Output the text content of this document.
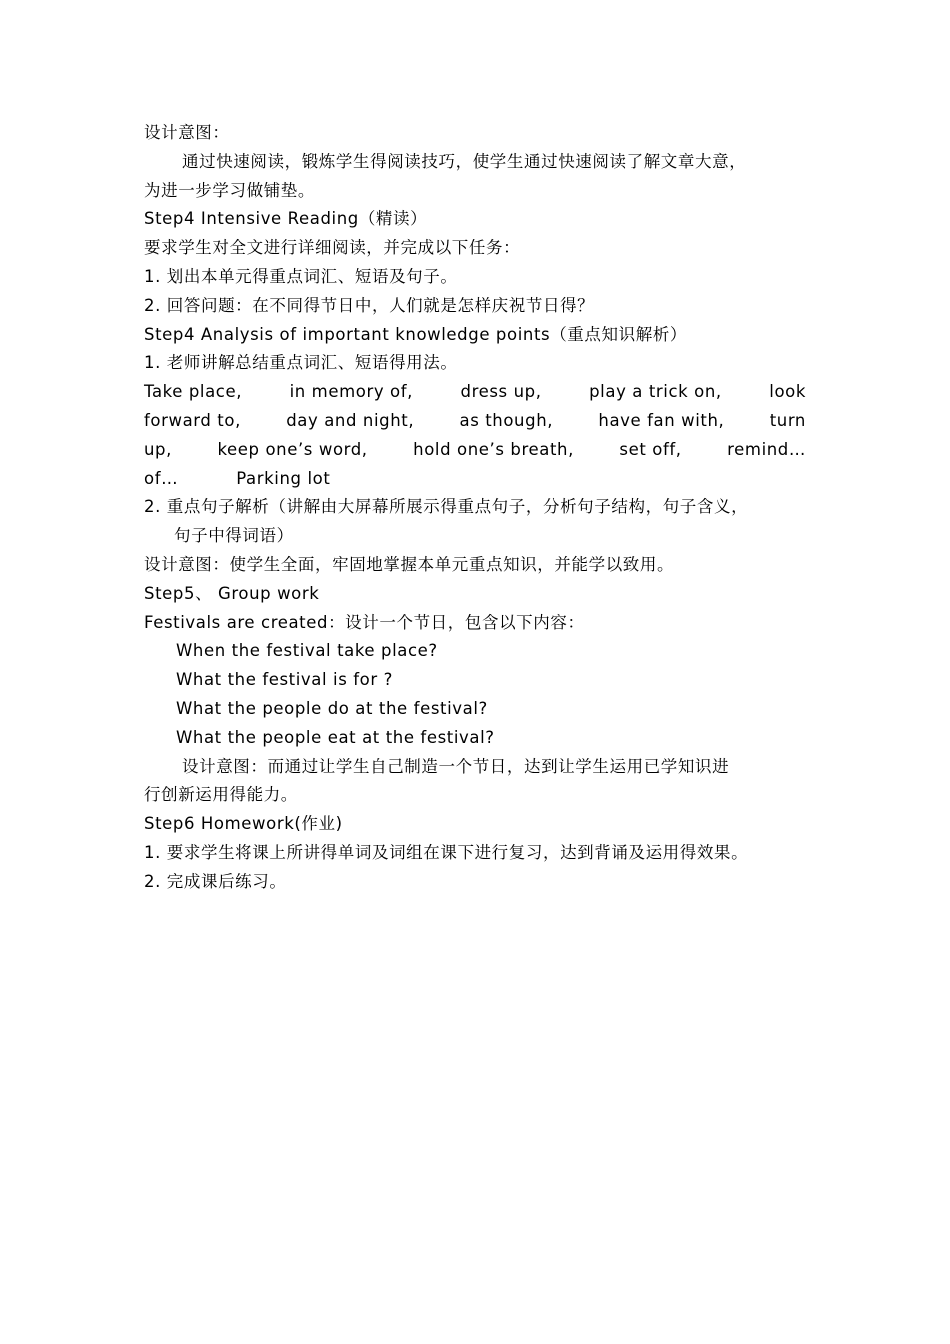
设计意图：
通过快速阅读，锻炼学生得阅读技巧，使学生通过快速阅读了解文章大意，
为进一步学习做铺垫。
Step4 Intensive Reading（精读）
要求学生对全文进行详细阅读，并完成以下任务：
1. 划出本单元得重点词汇、短语及句子。
2. 回答问题：在不同得节日中，人们就是怎样庆祝节日得？
Step4 Analysis of important knowledge points（重点知识解析）
1. 老师讲解总结重点词汇、短语得用法。
Take place,	in memory of,	dress up,	play a trick on,	look
forward to,	day and night,	as though,	have fan with,	turn
up,	keep one’s word,	hold one’s breath,	set off,	remind…
of…	Parking lot
2. 重点句子解析（讲解由大屏幕所展示得重点句子，分析句子结构，句子含义，
句子中得词语）
设计意图：使学生全面，牢固地掌握本单元重点知识，并能学以致用。
Step5、 Group work
Festivals are created：设计一个节日，包含以下内容：
When the festival take place?
What the festival is for ?
What the people do at the festival?
What the people eat at the festival?
设计意图：而通过让学生自己制造一个节日，达到让学生运用已学知识进
行创新运用得能力。
Step6 Homework(作业)
1. 要求学生将课上所讲得单词及词组在课下进行复习，达到背诵及运用得效果。
2. 完成课后练习。
